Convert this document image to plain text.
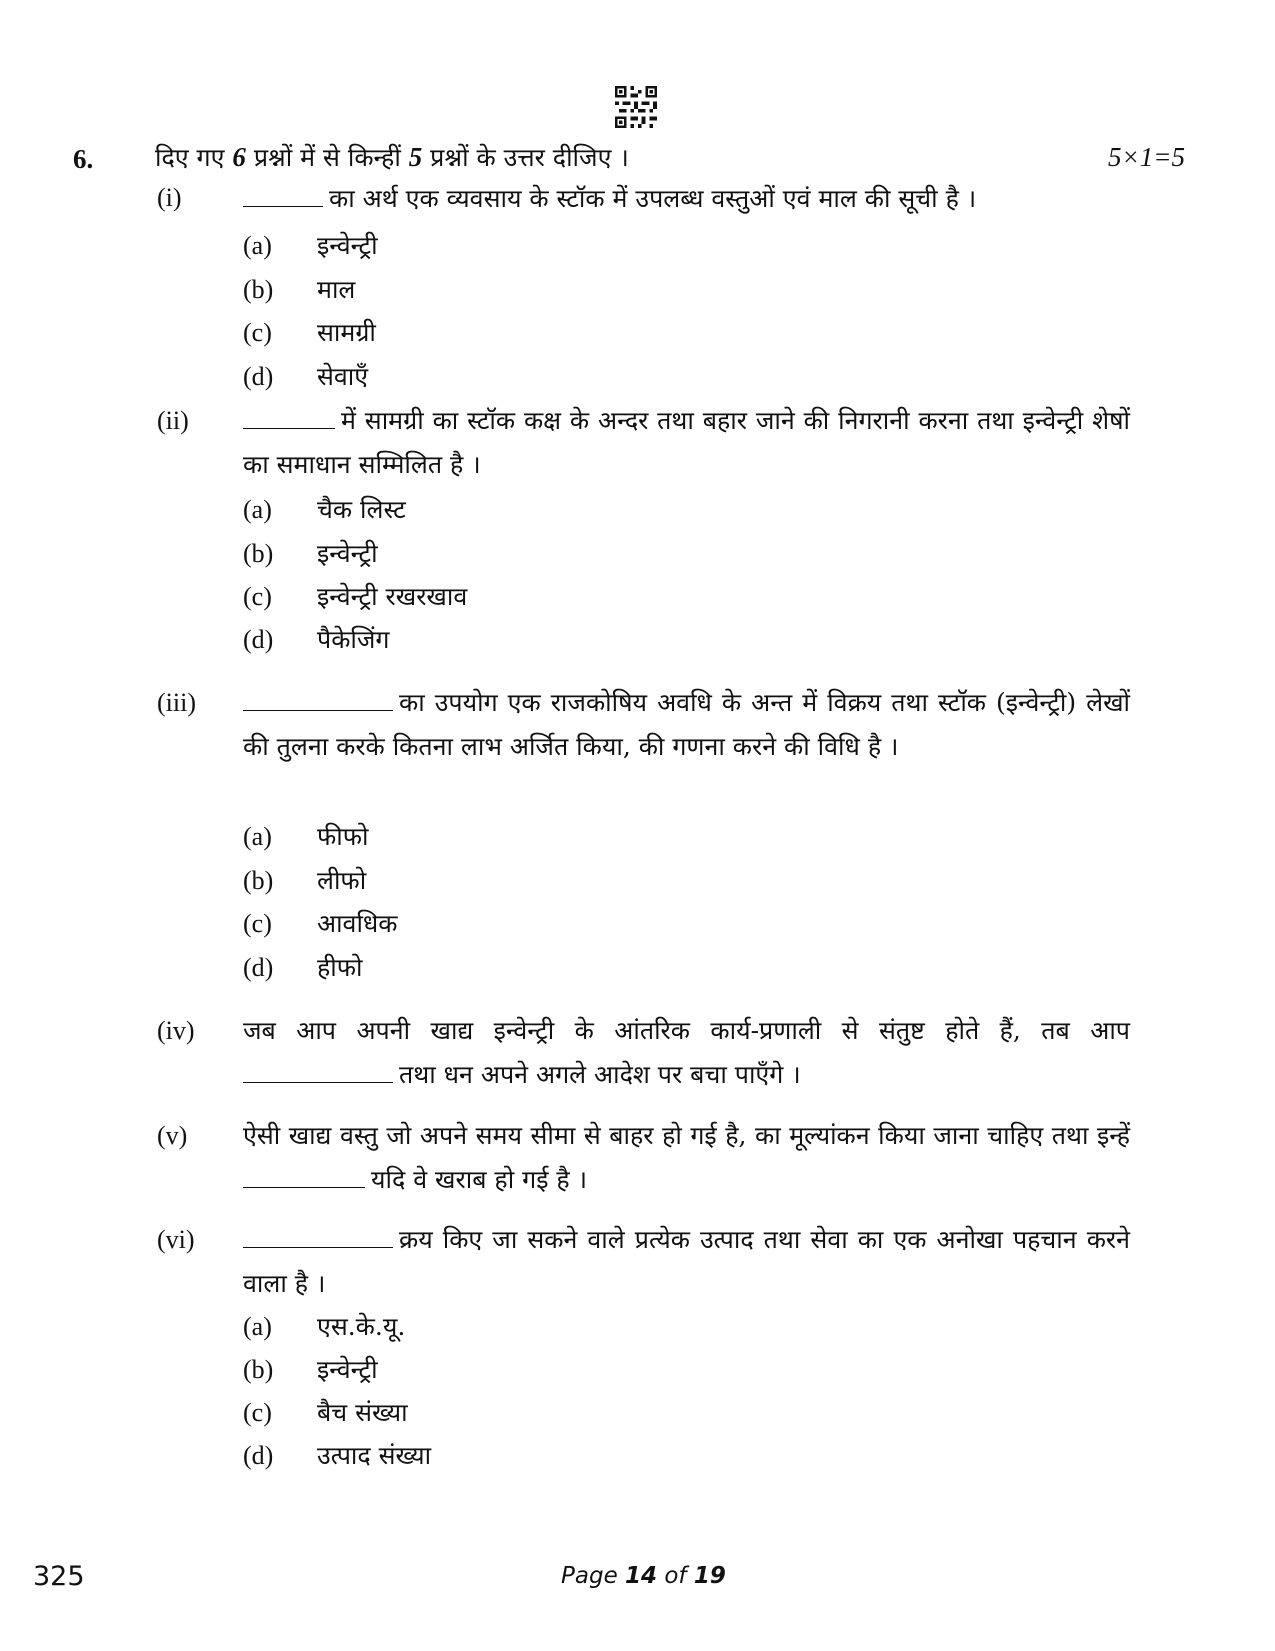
6. दिए गए 6 प्रश्नों में से किन्हीं 5 प्रश्नों के उत्तर दीजिए ।	5×1=5
(i)	का अर्थ एक व्यवसाय के स्टॉक में उपलब्ध वस्तुओं एवं माल की सूची है ।
(a) इन्वेन्ट्री
(b) माल
(c) सामग्री
(d) सेवाएँ
(ii)	में सामग्री का स्टॉक कक्ष के अन्दर तथा बहार जाने की निगरानी करना तथा इन्वेन्ट्री शेषों का समाधान सम्मिलित है ।
(a) चैक लिस्ट
(b) इन्वेन्ट्री
(c) इन्वेन्ट्री रखरखाव
(d) पैकेजिंग
(iii)	का उपयोग एक राजकोषिय अवधि के अन्त में विक्रय तथा स्टॉक (इन्वेन्ट्री) लेखों की तुलना करके कितना लाभ अर्जित किया, की गणना करने की विधि है ।
(a) फीफो
(b) लीफो
(c) आवधिक
(d) हीफो
(iv) जब आप अपनी खाद्य इन्वेन्ट्री के आंतरिक कार्य-प्रणाली से संतुष्ट होते हैं, तब आप तथा धन अपने अगले आदेश पर बचा पाएँगे ।
(v) ऐसी खाद्य वस्तु जो अपने समय सीमा से बाहर हो गई है, का मूल्यांकन किया जाना चाहिए तथा इन्हें यदि वे खराब हो गई है ।
(vi)	क्रय किए जा सकने वाले प्रत्येक उत्पाद तथा सेवा का एक अनोखा पहचान करने वाला है ।
(a) एस.के.यू.
(b) इन्वेन्ट्री
(c) बैच संख्या
(d) उत्पाद संख्या
325	Page 14 of 19
